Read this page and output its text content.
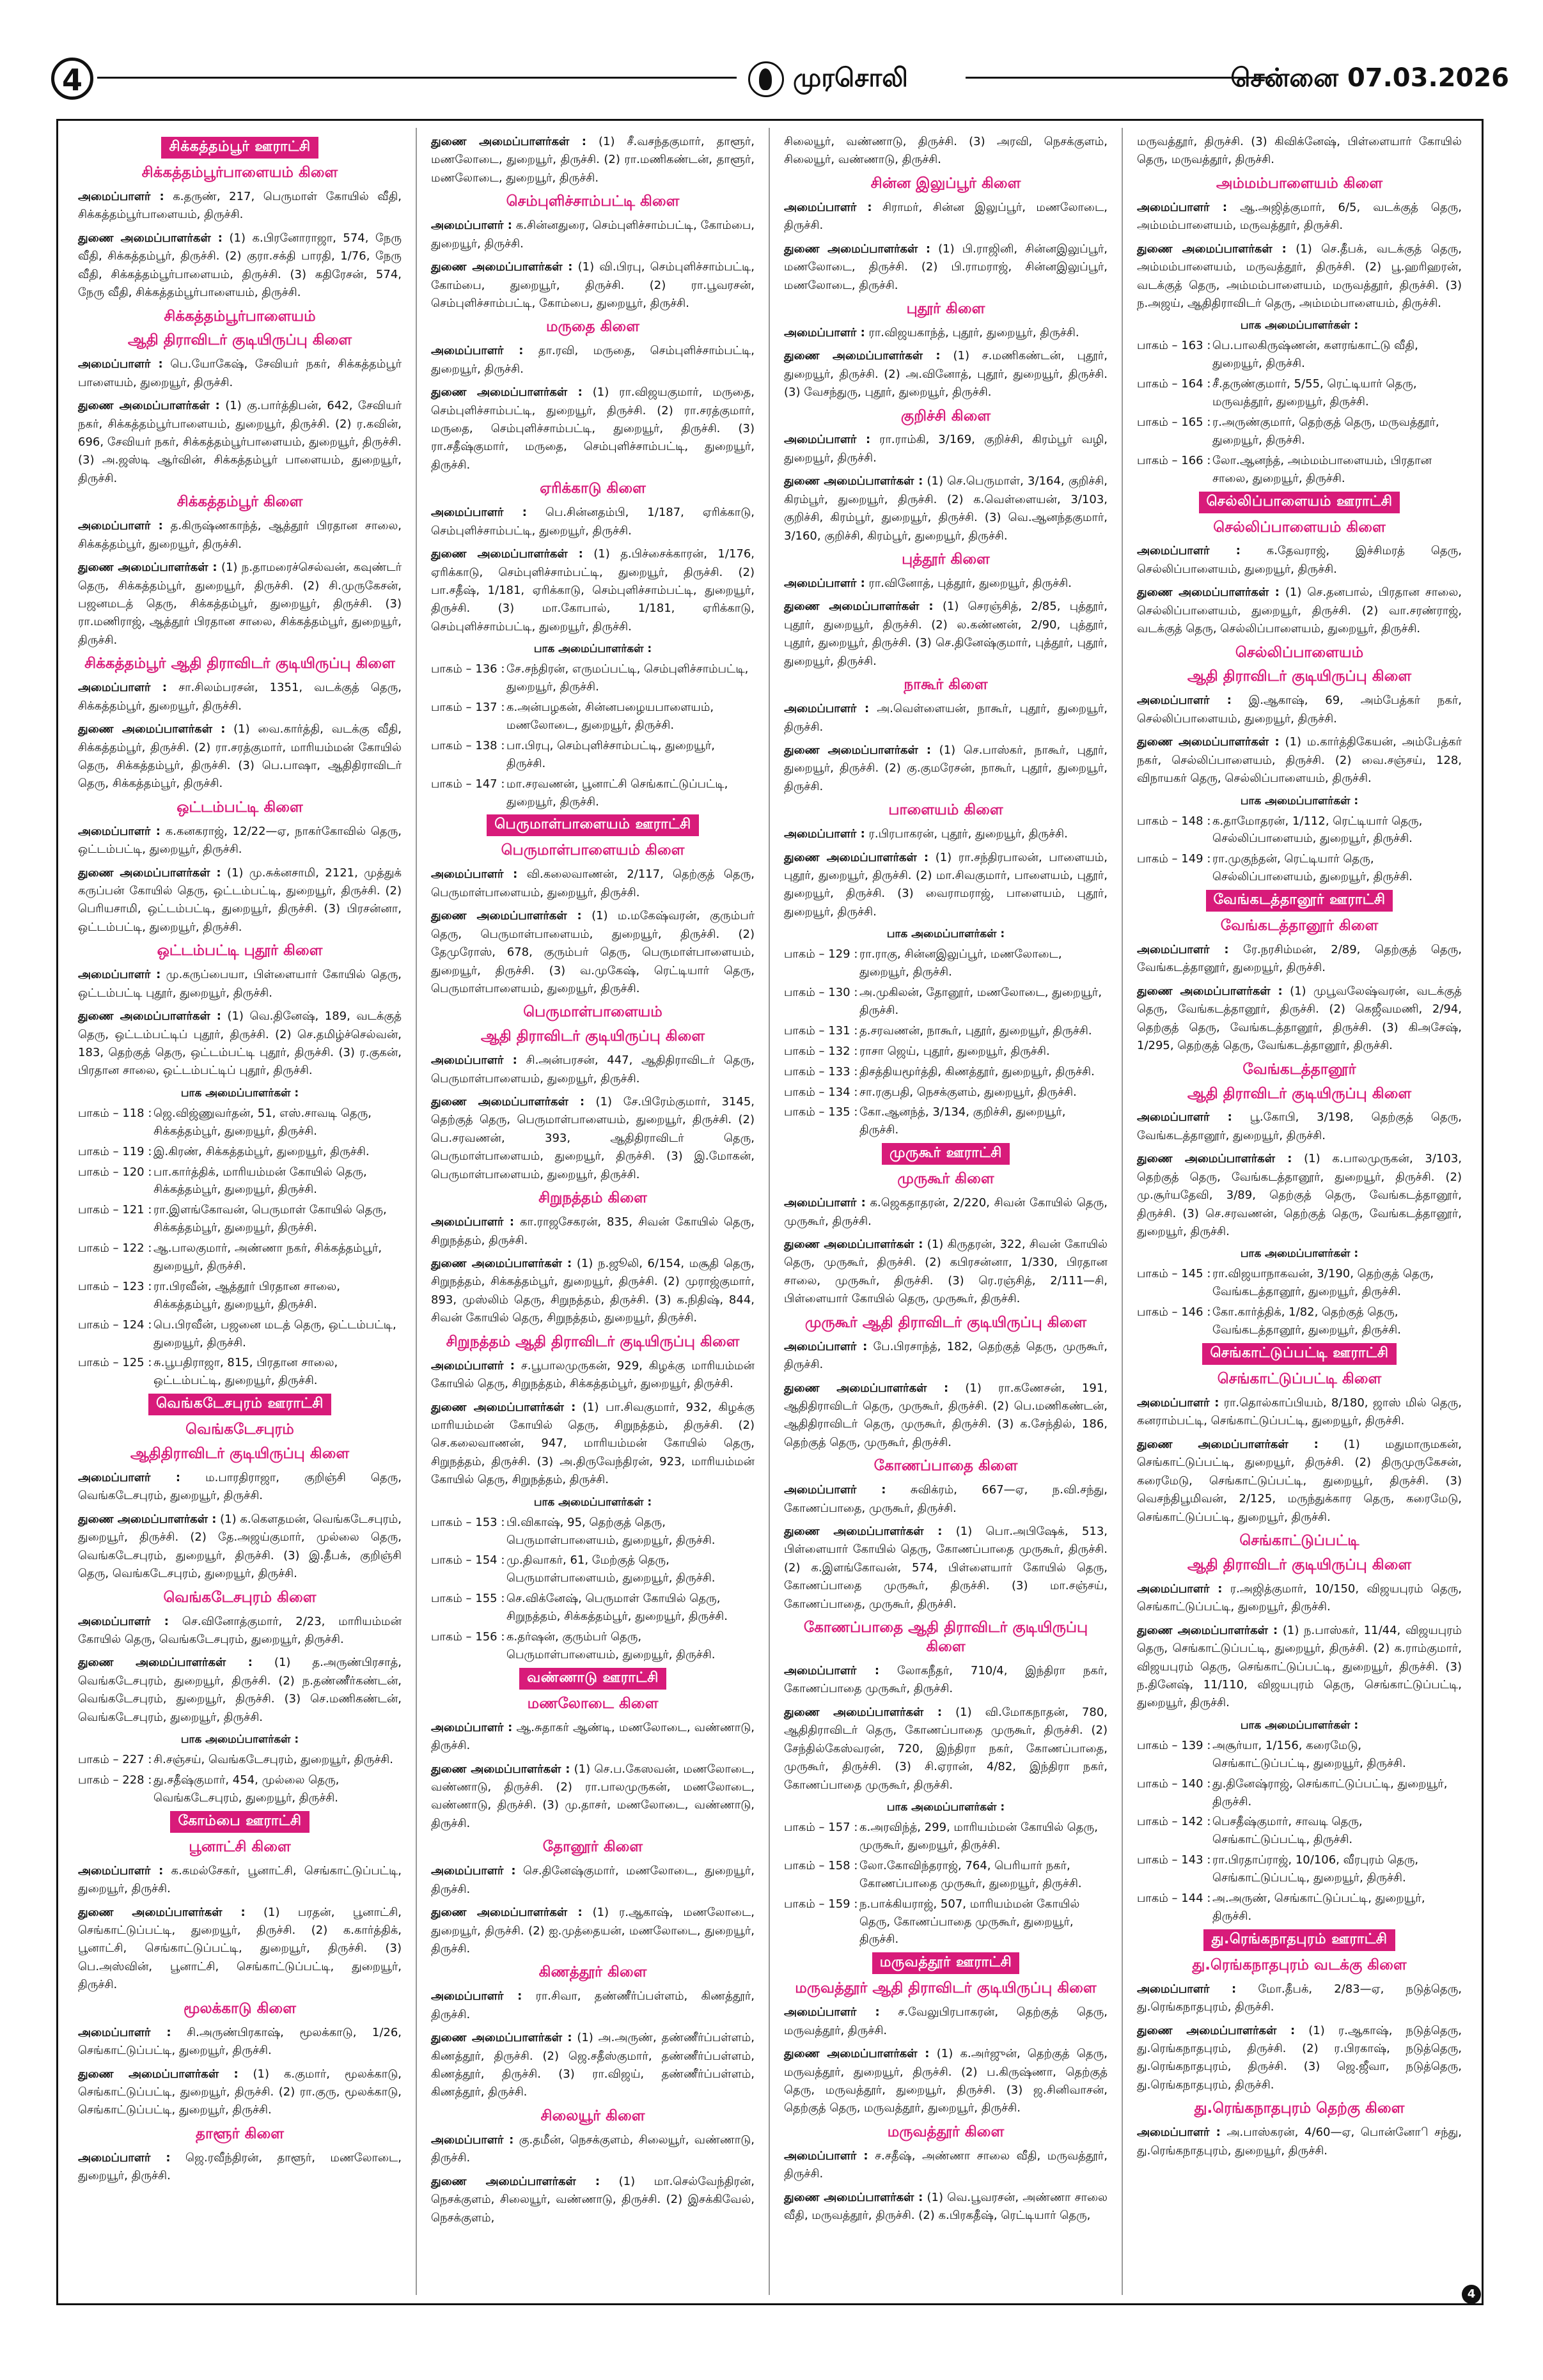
4	முரசொலி	சென்னை 07.03.2026
சிக்கத்தம்பூர் ஊராட்சி
சிக்கத்தம்பூர்பாளையம் கிளை

அமைப்பாளர் : க.தருண், 217, பெருமாள் கோயில் வீதி, சிக்கத்தம்பூர்பாளையம், திருச்சி.

துணை அமைப்பாளர்கள் : (1) க.பிரனோராஜா, 574, நேரு வீதி, சிக்கத்தம்பூர், திருச்சி. (2) குரா.சக்தி பாரதி, 1/76, நேரு வீதி, சிக்கத்தம்பூர்பாளையம், திருச்சி. (3) கதிரேசன், 574, நேரு வீதி, சிக்கத்தம்பூர்பாளையம், திருச்சி.

சிக்கத்தம்பூர்பாளையம்
ஆதி திராவிடர் குடியிருப்பு கிளை

அமைப்பாளர் : பெ.யோகேஷ், சேவியர் நகர், சிக்கத்தம்பூர் பாளையம், துறையூர், திருச்சி.

துணை அமைப்பாளர்கள் : (1) கு.பார்த்திபன், 642, சேவியர் நகர், சிக்கத்தம்பூர்பாளையம், துறையூர், திருச்சி. (2) ர.கவின், 696, சேவியர் நகர், சிக்கத்தம்பூர்பாளையம், துறையூர், திருச்சி. (3) அ.ஜஸ்டி ஆர்வின், சிக்கத்தம்பூர் பாளையம், துறையூர், திருச்சி.

சிக்கத்தம்பூர் கிளை

அமைப்பாளர் : த.கிருஷ்ணகாந்த், ஆத்தூர் பிரதான சாலை, சிக்கத்தம்பூர், துறையூர், திருச்சி.

துணை அமைப்பாளர்கள் : (1) ந.தாமரைச்செல்வன், கவுண்டர் தெரு, சிக்கத்தம்பூர், துறையூர், திருச்சி. (2) சி.முருகேசன், பஜனமடத் தெரு, சிக்கத்தம்பூர், துறையூர், திருச்சி. (3) ரா.மணிராஜ், ஆத்தூர் பிரதான சாலை, சிக்கத்தம்பூர், துறையூர், திருச்சி.

சிக்கத்தம்பூர் ஆதி திராவிடர் குடியிருப்பு கிளை

அமைப்பாளர் : சா.சிலம்பரசன், 1351, வடக்குத் தெரு, சிக்கத்தம்பூர், துறையூர், திருச்சி.

துணை அமைப்பாளர்கள் : (1) வை.கார்த்தி, வடக்கு வீதி, சிக்கத்தம்பூர், திருச்சி. (2) ரா.சரத்குமார், மாரியம்மன் கோயில் தெரு, சிக்கத்தம்பூர், திருச்சி. (3) பெ.பாஷா, ஆதிதிராவிடர் தெரு, சிக்கத்தம்பூர், திருச்சி.

ஒட்டம்பட்டி கிளை

அமைப்பாளர் : க.கனகராஜ், 12/22—ஏ, நாகர்கோவில் தெரு, ஒட்டம்பட்டி, துறையூர், திருச்சி.

துணை அமைப்பாளர்கள் : (1) மு.சுக்னசாமி, 2121, முத்துக் கருப்பன் கோயில் தெரு, ஒட்டம்பட்டி, துறையூர், திருச்சி. (2) பெரியசாமி, ஒட்டம்பட்டி, துறையூர், திருச்சி. (3) பிரசன்னா, ஒட்டம்பட்டி, துறையூர், திருச்சி.

ஒட்டம்பட்டி புதூர் கிளை

அமைப்பாளர் : மு.கருப்பையா, பிள்ளையார் கோயில் தெரு, ஒட்டம்பட்டி புதூர், துறையூர், திருச்சி.

துணை அமைப்பாளர்கள் : (1) வெ.தினேஷ், 189, வடக்குத் தெரு, ஒட்டம்பட்டிப் புதூர், திருச்சி. (2) செ.தமிழ்ச்செல்வன், 183, தெற்குத் தெரு, ஒட்டம்பட்டி புதூர், திருச்சி. (3) ர.குகன், பிரதான சாலை, ஒட்டம்பட்டிப் புதூர், திருச்சி.

பாக அமைப்பாளர்கள் :
பாகம் – 118 : ஜெ.விஜ்ணுவர்தன், 51, எஸ்.சாவடி தெரு, சிக்கத்தம்பூர், துறையூர், திருச்சி.
பாகம் – 119 : இ.கிரண், சிக்கத்தம்பூர், துறையூர், திருச்சி.
பாகம் – 120 : பா.கார்த்திக், மாரியம்மன் கோயில் தெரு, சிக்கத்தம்பூர், துறையூர், திருச்சி.
பாகம் – 121 : ரா.இளங்கோவன், பெருமாள் கோயில் தெரு, சிக்கத்தம்பூர், துறையூர், திருச்சி.
பாகம் – 122 : ஆ.பாலகுமார், அண்ணா நகர், சிக்கத்தம்பூர், துறையூர், திருச்சி.
பாகம் – 123 : ரா.பிரவீன், ஆத்தூர் பிரதான சாலை, சிக்கத்தம்பூர், துறையூர், திருச்சி.
பாகம் – 124 : பெ.பிரவீன், பஜனை மடத் தெரு, ஒட்டம்பட்டி, துறையூர், திருச்சி.
பாகம் – 125 : சு.பூபதிராஜா, 815, பிரதான சாலை, ஒட்டம்பட்டி, துறையூர், திருச்சி.
வெங்கடேசபுரம் ஊராட்சி
வெங்கடேசபுரம்
ஆதிதிராவிடர் குடியிருப்பு கிளை

அமைப்பாளர் : ம.பாரதிராஜா, குறிஞ்சி தெரு, வெங்கடேசபுரம், துறையூர், திருச்சி.

துணை அமைப்பாளர்கள் : (1) க.கௌதமன், வெங்கடேசபுரம், துறையூர், திருச்சி. (2) தே.அஜய்குமார், முல்லை தெரு, வெங்கடேசபுரம், துறையூர், திருச்சி. (3) இ.தீபக், குறிஞ்சி தெரு, வெங்கடேசபுரம், துறையூர், திருச்சி.

வெங்கடேசபுரம் கிளை

அமைப்பாளர் : செ.வினோத்குமார், 2/23, மாரியம்மன் கோயில் தெரு, வெங்கடேசபுரம், துறையூர், திருச்சி.

துணை அமைப்பாளர்கள் : (1) த.அருண்பிரசாத், வெங்கடேசபுரம், துறையூர், திருச்சி. (2) ந.தண்ணீர்கண்டன், வெங்கடேசபுரம், துறையூர், திருச்சி. (3) செ.மணிகண்டன், வெங்கடேசபுரம், துறையூர், திருச்சி.

பாக அமைப்பாளர்கள் :
பாகம் – 227 : சி.சஞ்சய், வெங்கடேசபுரம், துறையூர், திருச்சி.
பாகம் – 228 : து.சதீஷ்குமார், 454, முல்லை தெரு, வெங்கடேசபுரம், துறையூர், திருச்சி.
கோம்பை ஊராட்சி
பூனாட்சி கிளை

அமைப்பாளர் : க.கமல்சேகர், பூனாட்சி, செங்காட்டுப்பட்டி, துறையூர், திருச்சி.

துணை அமைப்பாளர்கள் : (1) பரதன், பூனாட்சி, செங்காட்டுப்பட்டி, துறையூர், திருச்சி. (2) க.கார்த்திக், பூனாட்சி, செங்காட்டுப்பட்டி, துறையூர், திருச்சி. (3) பெ.அஸ்வின், பூனாட்சி, செங்காட்டுப்பட்டி, துறையூர், திருச்சி.

மூலக்காடு கிளை

அமைப்பாளர் : சி.அருண்பிரகாஷ், மூலக்காடு, 1/26, செங்காட்டுப்பட்டி, துறையூர், திருச்சி.

துணை அமைப்பாளர்கள் : (1) க.குமார், மூலக்காடு, செங்காட்டுப்பட்டி, துறையூர், திருச்சி. (2) ரா.குரு, மூலக்காடு, செங்காட்டுப்பட்டி, துறையூர், திருச்சி.

தாளூர் கிளை

அமைப்பாளர் : ஜெ.ரவீந்திரன், தாளூர், மணலோடை, துறையூர், திருச்சி.

துணை அமைப்பாளர்கள் : (1) சீ.வசந்தகுமார், தாளூர், மணலோடை, துறையூர், திருச்சி. (2) ரா.மணிகண்டன், தாளூர், மணலோடை, துறையூர், திருச்சி.

செம்புளிச்சாம்பட்டி கிளை

அமைப்பாளர் : க.சின்னதுரை, செம்புளிச்சாம்பட்டி, கோம்பை, துறையூர், திருச்சி.

துணை அமைப்பாளர்கள் : (1) வி.பிரபு, செம்புளிச்சாம்பட்டி, கோம்பை, துறையூர், திருச்சி. (2) ரா.பூவரசன், செம்புளிச்சாம்பட்டி, கோம்பை, துறையூர், திருச்சி.

மருதை கிளை

அமைப்பாளர் : தா.ரவி, மருதை, செம்புளிச்சாம்பட்டி, துறையூர், திருச்சி.

துணை அமைப்பாளர்கள் : (1) ரா.விஜயகுமார், மருதை, செம்புளிச்சாம்பட்டி, துறையூர், திருச்சி. (2) ரா.சரத்குமார், மருதை, செம்புளிச்சாம்பட்டி, துறையூர், திருச்சி. (3) ரா.சதீஷ்குமார், மருதை, செம்புளிச்சாம்பட்டி, துறையூர், திருச்சி.

ஏரிக்காடு கிளை

அமைப்பாளர் : பெ.சின்னதம்பி, 1/187, ஏரிக்காடு, செம்புளிச்சாம்பட்டி, துறையூர், திருச்சி.

துணை அமைப்பாளர்கள் : (1) த.பிச்சைக்காரன், 1/176, ஏரிக்காடு, செம்புளிச்சாம்பட்டி, துறையூர், திருச்சி. (2) பா.சதீஷ், 1/181, ஏரிக்காடு, செம்புளிச்சாம்பட்டி, துறையூர், திருச்சி. (3) மா.கோபால், 1/181, ஏரிக்காடு, செம்புளிச்சாம்பட்டி, துறையூர், திருச்சி.

பாக அமைப்பாளர்கள் :
பாகம் – 136 : சே.சந்திரன், எருமப்பட்டி, செம்புளிச்சாம்பட்டி, துறையூர், திருச்சி.
பாகம் – 137 : க.அன்பழகன், சின்னபழையபாளையம், மணலோடை, துறையூர், திருச்சி.
பாகம் – 138 : பா.பிரபு, செம்புளிச்சாம்பட்டி, துறையூர், திருச்சி.
பாகம் – 147 : மா.சரவணன், பூனாட்சி செங்காட்டுப்பட்டி, துறையூர், திருச்சி.
பெருமாள்பாளையம் ஊராட்சி
பெருமாள்பாளையம் கிளை

அமைப்பாளர் : வி.கலைவாணன், 2/117, தெற்குத் தெரு, பெருமாள்பாளையம், துறையூர், திருச்சி.

துணை அமைப்பாளர்கள் : (1) ம.மகேஷ்வரன், குரும்பர் தெரு, பெருமாள்பாளையம், துறையூர், திருச்சி. (2) தேமுரோஸ், 678, குரும்பர் தெரு, பெருமாள்பாளையம், துறையூர், திருச்சி. (3) வ.முகேஷ், ரெட்டியார் தெரு, பெருமாள்பாளையம், துறையூர், திருச்சி.

பெருமாள்பாளையம்
ஆதி திராவிடர் குடியிருப்பு கிளை

அமைப்பாளர் : சி.அன்பரசன், 447, ஆதிதிராவிடர் தெரு, பெருமாள்பாளையம், துறையூர், திருச்சி.

துணை அமைப்பாளர்கள் : (1) சே.பிரேம்குமார், 3145, தெற்குத் தெரு, பெருமாள்பாளையம், துறையூர், திருச்சி. (2) பெ.சரவணன், 393, ஆதிதிராவிடர் தெரு, பெருமாள்பாளையம், துறையூர், திருச்சி. (3) இ.மோகன், பெருமாள்பாளையம், துறையூர், திருச்சி.

சிறுநத்தம் கிளை

அமைப்பாளர் : கா.ராஜசேகரன், 835, சிவன் கோயில் தெரு, சிறுநத்தம், திருச்சி.

துணை அமைப்பாளர்கள் : (1) ந.ஜூலி, 6/154, மசூதி தெரு, சிறுநத்தம், சிக்கத்தம்பூர், துறையூர், திருச்சி. (2) முராஜ்குமார், 893, முஸ்லிம் தெரு, சிறுநத்தம், திருச்சி. (3) க.நிதிஷ், 844, சிவன் கோயில் தெரு, சிறுநத்தம், துறையூர், திருச்சி.

சிறுநத்தம் ஆதி திராவிடர் குடியிருப்பு கிளை

அமைப்பாளர் : ச.பூபாலமுருகன், 929, கிழக்கு மாரியம்மன் கோயில் தெரு, சிறுநத்தம், சிக்கத்தம்பூர், துறையூர், திருச்சி.

துணை அமைப்பாளர்கள் : (1) பா.சிவகுமார், 932, கிழக்கு மாரியம்மன் கோயில் தெரு, சிறுநத்தம், திருச்சி. (2) செ.கலைவாணன், 947, மாரியம்மன் கோயில் தெரு, சிறுநத்தம், திருச்சி. (3) அ.திருவேந்திரன், 923, மாரியம்மன் கோயில் தெரு, சிறுநத்தம், திருச்சி.

பாக அமைப்பாளர்கள் :
பாகம் – 153 : பி.விகாஷ், 95, தெற்குத் தெரு, பெருமாள்பாளையம், துறையூர், திருச்சி.
பாகம் – 154 : மு.திவாகர், 61, மேற்குத் தெரு, பெருமாள்பாளையம், துறையூர், திருச்சி.
பாகம் – 155 : செ.விக்னேஷ், பெருமாள் கோயில் தெரு, சிறுநத்தம், சிக்கத்தம்பூர், துறையூர், திருச்சி.
பாகம் – 156 : க.தர்ஷன், குரும்பர் தெரு, பெருமாள்பாளையம், துறையூர், திருச்சி.
வண்ணாடு ஊராட்சி
மணலோடை கிளை

அமைப்பாளர் : ஆ.சுதாகர் ஆண்டி, மணலோடை, வண்ணாடு, திருச்சி.

துணை அமைப்பாளர்கள் : (1) செ.ப.கேஸவன், மணலோடை, வண்ணாடு, திருச்சி. (2) ரா.பாலமுருகன், மணலோடை, வண்ணாடு, திருச்சி. (3) மு.தாசர், மணலோடை, வண்ணாடு, திருச்சி.

தோனூர் கிளை

அமைப்பாளர் : செ.தினேஷ்குமார், மணலோடை, துறையூர், திருச்சி.

துணை அமைப்பாளர்கள் : (1) ர.ஆகாஷ், மணலோடை, துறையூர், திருச்சி. (2) ஐ.முத்தையன், மணலோடை, துறையூர், திருச்சி.

கிணத்தூர் கிளை

அமைப்பாளர் : ரா.சிவா, தண்ணீர்ப்பள்ளம், கிணத்தூர், திருச்சி.

துணை அமைப்பாளர்கள் : (1) அ.அருண், தண்ணீர்ப்பள்ளம், கிணத்தூர், திருச்சி. (2) ஜெ.சதீஸ்குமார், தண்ணீர்ப்பள்ளம், கிணத்தூர், திருச்சி. (3) ரா.விஜய், தண்ணீர்ப்பள்ளம், கிணத்தூர், திருச்சி.

சிலையூர் கிளை

அமைப்பாளர் : கு.தமீன், நெசக்குளம், சிலையூர், வண்ணாடு, திருச்சி.

துணை அமைப்பாளர்கள் : (1) மா.செல்வேந்திரன், நெசக்குளம், சிலையூர், வண்ணாடு, திருச்சி. (2) இசக்கிவேல், நெசக்குளம்,

சிலையூர், வண்ணாடு, திருச்சி. (3) அரவி, நெசக்குளம், சிலையூர், வண்ணாடு, திருச்சி.

சின்ன இலுப்பூர் கிளை

அமைப்பாளர் : சிராமர், சின்ன இலுப்பூர், மணலோடை, திருச்சி.

துணை அமைப்பாளர்கள் : (1) பி.ராஜினி, சின்னஇலுப்பூர், மணலோடை, திருச்சி. (2) பி.ராமராஜ், சின்னஇலுப்பூர், மணலோடை, திருச்சி.

புதூர் கிளை

அமைப்பாளர் : ரா.விஜயகாந்த், புதூர், துறையூர், திருச்சி.

துணை அமைப்பாளர்கள் : (1) ச.மணிகண்டன், புதூர், துறையூர், திருச்சி. (2) அ.வினோத், புதூர், துறையூர், திருச்சி. (3) வேசந்துரு, புதூர், துறையூர், திருச்சி.

குறிச்சி கிளை

அமைப்பாளர் : ரா.ராம்கி, 3/169, குறிச்சி, கிரம்பூர் வழி, துறையூர், திருச்சி.

துணை அமைப்பாளர்கள் : (1) செ.பெருமாள், 3/164, குறிச்சி, கிரம்பூர், துறையூர், திருச்சி. (2) க.வெள்ளையன், 3/103, குறிச்சி, கிரம்பூர், துறையூர், திருச்சி. (3) வெ.ஆனந்தகுமார், 3/160, குறிச்சி, கிரம்பூர், துறையூர், திருச்சி.

புத்தூர் கிளை

அமைப்பாளர் : ரா.வினோத், புத்தூர், துறையூர், திருச்சி.

துணை அமைப்பாளர்கள் : (1) செரஞ்சித், 2/85, புத்தூர், புதூர், துறையூர், திருச்சி. (2) ல.கண்ணன், 2/90, புத்தூர், புதூர், துறையூர், திருச்சி. (3) செ.தினேஷ்குமார், புத்தூர், புதூர், துறையூர், திருச்சி.

நாகூர் கிளை

அமைப்பாளர் : அ.வெள்ளையன், நாகூர், புதூர், துறையூர், திருச்சி.

துணை அமைப்பாளர்கள் : (1) செ.பாஸ்கர், நாகூர், புதூர், துறையூர், திருச்சி. (2) கு.குமரேசன், நாகூர், புதூர், துறையூர், திருச்சி.

பாளையம் கிளை

அமைப்பாளர் : ர.பிரபாகரன், புதூர், துறையூர், திருச்சி.

துணை அமைப்பாளர்கள் : (1) ரா.சந்திரபாலன், பாளையம், புதூர், துறையூர், திருச்சி. (2) மா.சிவகுமார், பாளையம், புதூர், துறையூர், திருச்சி. (3) வைராமராஜ், பாளையம், புதூர், துறையூர், திருச்சி.

பாக அமைப்பாளர்கள் :
பாகம் – 129 : ரா.ராகு, சின்னஇலுப்பூர், மணலோடை, துறையூர், திருச்சி.
பாகம் – 130 : அ.முகிலன், தோனூர், மணலோடை, துறையூர், திருச்சி.
பாகம் – 131 : த.சரவணன், நாகூர், புதூர், துறையூர், திருச்சி.
பாகம் – 132 : ராசா ஜெய், புதூர், துறையூர், திருச்சி.
பாகம் – 133 : திசத்தியமூர்த்தி, கிணத்தூர், துறையூர், திருச்சி.
பாகம் – 134 : சா.ரகுபதி, நெசக்குளம், துறையூர், திருச்சி.
பாகம் – 135 : கோ.ஆனந்த், 3/134, குறிச்சி, துறையூர், திருச்சி.
முருகூர் ஊராட்சி
முருகூர் கிளை

அமைப்பாளர் : க.ஜெகதாதரன், 2/220, சிவன் கோயில் தெரு, முருகூர், திருச்சி.

துணை அமைப்பாளர்கள் : (1) கிருதரன், 322, சிவன் கோயில் தெரு, முருகூர், திருச்சி. (2) கபிரசன்னா, 1/330, பிரதான சாலை, முருகூர், திருச்சி. (3) ரெ.ரஞ்சித், 2/111—சி, பிள்ளையார் கோயில் தெரு, முருகூர், திருச்சி.

முருகூர் ஆதி திராவிடர் குடியிருப்பு கிளை

அமைப்பாளர் : பே.பிரசாந்த், 182, தெற்குத் தெரு, முருகூர், திருச்சி.

துணை அமைப்பாளர்கள் : (1) ரா.கணேசன், 191, ஆதிதிராவிடர் தெரு, முருகூர், திருச்சி. (2) பெ.மணிகண்டன், ஆதிதிராவிடர் தெரு, முருகூர், திருச்சி. (3) க.சேந்தில், 186, தெற்குத் தெரு, முருகூர், திருச்சி.

கோணப்பாதை கிளை

அமைப்பாளர் : சுவிக்ரம், 667—ஏ, ந.வி.சந்து, கோணப்பாதை, முருகூர், திருச்சி.

துணை அமைப்பாளர்கள் : (1) பொ.அபிஷேக், 513, பிள்ளையார் கோயில் தெரு, கோணப்பாதை முருகூர், திருச்சி. (2) க.இளங்கோவன், 574, பிள்ளையார் கோயில் தெரு, கோணப்பாதை முருகூர், திருச்சி. (3) மா.சஞ்சய், கோணப்பாதை, முருகூர், திருச்சி.

கோணப்பாதை ஆதி திராவிடர் குடியிருப்பு கிளை

அமைப்பாளர் : லோகநீதர், 710/4, இந்திரா நகர், கோணப்பாதை முருகூர், திருச்சி.

துணை அமைப்பாளர்கள் : (1) வி.மோகநாதன், 780, ஆதிதிராவிடர் தெரு, கோணப்பாதை முருகூர், திருச்சி. (2) சேந்தில்கேஸ்வரன், 720, இந்திரா நகர், கோணப்பாதை, முருகூர், திருச்சி. (3) சி.ஏரான், 4/82, இந்திரா நகர், கோணப்பாதை முருகூர், திருச்சி.

பாக அமைப்பாளர்கள் :
பாகம் – 157 : க.அரவிந்த், 299, மாரியம்மன் கோயில் தெரு, முருகூர், துறையூர், திருச்சி.
பாகம் – 158 : லோ.கோவிந்தராஜ், 764, பெரியார் நகர், கோணப்பாதை முருகூர், துறையூர், திருச்சி.
பாகம் – 159 : ந.பாக்கியராஜ், 507, மாரியம்மன் கோயில் தெரு, கோணப்பாதை முருகூர், துறையூர், திருச்சி.
மருவத்தூர் ஊராட்சி
மருவத்தூர் ஆதி திராவிடர் குடியிருப்பு கிளை

அமைப்பாளர் : ச.வேலுபிரபாகரன், தெற்குத் தெரு, மருவத்தூர், திருச்சி.

துணை அமைப்பாளர்கள் : (1) க.அர்ஜுன், தெற்குத் தெரு, மருவத்தூர், துறையூர், திருச்சி. (2) ப.கிருஷ்ணா, தெற்குத் தெரு, மருவத்தூர், துறையூர், திருச்சி. (3) ஜ.சினிவாசன், தெற்குத் தெரு, மருவத்தூர், துறையூர், திருச்சி.

மருவத்தூர் கிளை

அமைப்பாளர் : ச.சதீஷ், அண்ணா சாலை வீதி, மருவத்தூர், திருச்சி.

துணை அமைப்பாளர்கள் : (1) வெ.பூவரசன், அண்ணா சாலை வீதி, மருவத்தூர், திருச்சி. (2) க.பிரகதீஷ், ரெட்டியார் தெரு,

மருவத்தூர், திருச்சி. (3) கிவிக்னேஷ், பிள்ளையார் கோயில் தெரு, மருவத்தூர், திருச்சி.

அம்மம்பாளையம் கிளை

அமைப்பாளர் : ஆ.அஜித்குமார், 6/5, வடக்குத் தெரு, அம்மம்பாளையம், மருவத்தூர், திருச்சி.

துணை அமைப்பாளர்கள் : (1) செ.தீபக், வடக்குத் தெரு, அம்மம்பாளையம், மருவத்தூர், திருச்சி. (2) பூ.ஹரிஹரன், வடக்குத் தெரு, அம்மம்பாளையம், மருவத்தூர், திருச்சி. (3) ந.அஜய், ஆதிதிராவிடர் தெரு, அம்மம்பாளையம், திருச்சி.

பாக அமைப்பாளர்கள் :
பாகம் – 163 : பெ.பாலகிருஷ்ணன், களரங்காட்டு வீதி, துறையூர், திருச்சி.
பாகம் – 164 : சீ.தருண்குமார், 5/55, ரெட்டியார் தெரு, மருவத்தூர், துறையூர், திருச்சி.
பாகம் – 165 : ர.அருண்குமார், தெற்குத் தெரு, மருவத்தூர், துறையூர், திருச்சி.
பாகம் – 166 : லோ.ஆனந்த், அம்மம்பாளையம், பிரதான சாலை, துறையூர், திருச்சி.
செல்லிப்பாளையம் ஊராட்சி
செல்லிப்பாளையம் கிளை

அமைப்பாளர் : க.தேவராஜ், இச்சிமரத் தெரு, செல்லிப்பாளையம், துறையூர், திருச்சி.

துணை அமைப்பாளர்கள் : (1) செ.தனபால், பிரதான சாலை, செல்லிப்பாளையம், துறையூர், திருச்சி. (2) வா.சரண்ராஜ், வடக்குத் தெரு, செல்லிப்பாளையம், துறையூர், திருச்சி.

செல்லிப்பாளையம்
ஆதி திராவிடர் குடியிருப்பு கிளை

அமைப்பாளர் : இ.ஆகாஷ், 69, அம்பேத்கர் நகர், செல்லிப்பாளையம், துறையூர், திருச்சி.

துணை அமைப்பாளர்கள் : (1) ம.கார்த்திகேயன், அம்பேத்கர் நகர், செல்லிப்பாளையம், திருச்சி. (2) வை.சஞ்சய், 128, விநாயகர் தெரு, செல்லிப்பாளையம், திருச்சி.

பாக அமைப்பாளர்கள் :
பாகம் – 148 : க.தாமோதரன், 1/112, ரெட்டியார் தெரு, செல்லிப்பாளையம், துறையூர், திருச்சி.
பாகம் – 149 : ரா.முகுந்தன், ரெட்டியார் தெரு, செல்லிப்பாளையம், துறையூர், திருச்சி.
வேங்கடத்தானூர் ஊராட்சி
வேங்கடத்தானூர் கிளை

அமைப்பாளர் : ரே.நரசிம்மன், 2/89, தெற்குத் தெரு, வேங்கடத்தானூர், துறையூர், திருச்சி.

துணை அமைப்பாளர்கள் : (1) முபூவலேஷ்வரன், வடக்குத் தெரு, வேங்கடத்தானூர், திருச்சி. (2) கெஜீவமணி, 2/94, தெற்குத் தெரு, வேங்கடத்தானூர், திருச்சி. (3) கிஅசேஷ், 1/295, தெற்குத் தெரு, வேங்கடத்தானூர், திருச்சி.

வேங்கடத்தானூர்
ஆதி திராவிடர் குடியிருப்பு கிளை

அமைப்பாளர் : பூ.கோபி, 3/198, தெற்குத் தெரு, வேங்கடத்தானூர், துறையூர், திருச்சி.

துணை அமைப்பாளர்கள் : (1) க.பாலமுருகன், 3/103, தெற்குத் தெரு, வேங்கடத்தானூர், துறையூர், திருச்சி. (2) மு.சூர்யதேவி, 3/89, தெற்குத் தெரு, வேங்கடத்தானூர், திருச்சி. (3) செ.சரவணன், தெற்குத் தெரு, வேங்கடத்தானூர், துறையூர், திருச்சி.

பாக அமைப்பாளர்கள் :
பாகம் – 145 : ரா.விஜயாநாகவன், 3/190, தெற்குத் தெரு, வேங்கடத்தானூர், துறையூர், திருச்சி.
பாகம் – 146 : கோ.கார்த்திக், 1/82, தெற்குத் தெரு, வேங்கடத்தானூர், துறையூர், திருச்சி.
செங்காட்டுப்பட்டி ஊராட்சி
செங்காட்டுப்பட்டி கிளை

அமைப்பாளர் : ரா.தொல்காப்பியம், 8/180, ஜாஸ் மில் தெரு, கனராம்பட்டி, செங்காட்டுப்பட்டி, துறையூர், திருச்சி.

துணை அமைப்பாளர்கள் : (1) மதுமாருமகன், செங்காட்டுப்பட்டி, துறையூர், திருச்சி. (2) திருமுருகேசன், கரைமேடு, செங்காட்டுப்பட்டி, துறையூர், திருச்சி. (3) வெசந்திபூமிவன், 2/125, மருந்துக்கார தெரு, கரைமேடு, செங்காட்டுப்பட்டி, துறையூர், திருச்சி.

செங்காட்டுப்பட்டி
ஆதி திராவிடர் குடியிருப்பு கிளை

அமைப்பாளர் : ர.அஜித்குமார், 10/150, விஜயபுரம் தெரு, செங்காட்டுப்பட்டி, துறையூர், திருச்சி.

துணை அமைப்பாளர்கள் : (1) ந.பாஸ்கர், 11/44, விஜயபுரம் தெரு, செங்காட்டுப்பட்டி, துறையூர், திருச்சி. (2) க.ராம்குமார், விஜயபுரம் தெரு, செங்காட்டுப்பட்டி, துறையூர், திருச்சி. (3) ந.தினேஷ், 11/110, விஜயபுரம் தெரு, செங்காட்டுப்பட்டி, துறையூர், திருச்சி.

பாக அமைப்பாளர்கள் :
பாகம் – 139 : அசூர்யா, 1/156, கரைமேடு, செங்காட்டுப்பட்டி, துறையூர், திருச்சி.
பாகம் – 140 : து.தினேஷ்ராஜ், செங்காட்டுப்பட்டி, துறையூர், திருச்சி.
பாகம் – 142 : பெசதீஷ்குமார், சாவடி தெரு, செங்காட்டுப்பட்டி, திருச்சி.
பாகம் – 143 : ரா.பிரதாப்ராஜ், 10/106, வீரபுரம் தெரு, செங்காட்டுப்பட்டி, துறையூர், திருச்சி.
பாகம் – 144 : அ.அருண், செங்காட்டுப்பட்டி, துறையூர், திருச்சி.
து.ரெங்கநாதபுரம் ஊராட்சி
து.ரெங்கநாதபுரம் வடக்கு கிளை

அமைப்பாளர் : மோ.தீபக், 2/83—ஏ, நடுத்தெரு, து.ரெங்கநாதபுரம், திருச்சி.

துணை அமைப்பாளர்கள் : (1) ர.ஆகாஷ், நடுத்தெரு, து.ரெங்கநாதபுரம், திருச்சி. (2) ர.பிரகாஷ், நடுத்தெரு, து.ரெங்கநாதபுரம், திருச்சி. (3) ஜெ.ஜீவா, நடுத்தெரு, து.ரெங்கநாதபுரம், திருச்சி.

து.ரெங்கநாதபுரம் தெற்கு கிளை

அமைப்பாளர் : அ.பாஸ்கரன், 4/60—ஏ, பொன்னோி சந்து, து.ரெங்கநாதபுரம், துறையூர், திருச்சி.

4
